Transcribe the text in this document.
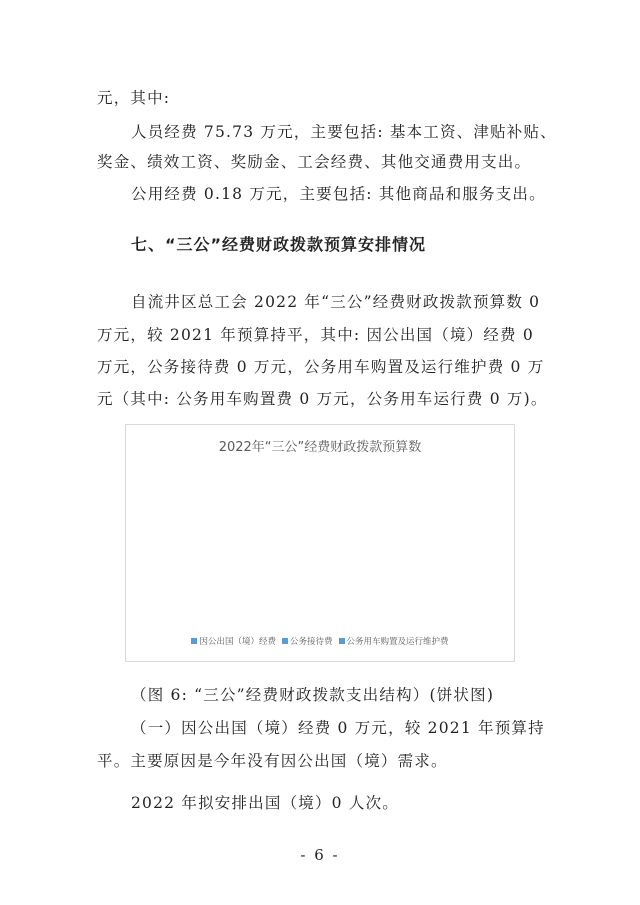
元，其中:
人员经费 75.73 万元，主要包括: 基本工资、津贴补贴、
奖金、绩效工资、奖励金、工会经费、其他交通费用支出。
公用经费 0.18 万元，主要包括: 其他商品和服务支出。
七、“三公”经费财政拨款预算安排情况
自流井区总工会 2022 年“三公”经费财政拨款预算数 0
万元，较 2021 年预算持平，其中: 因公出国（境）经费 0
万元，公务接待费 0 万元，公务用车购置及运行维护费 0 万
元（其中: 公务用车购置费 0 万元，公务用车运行费 0 万)。
2022年“三公”经费财政拨款预算数
因公出国（境）经费 公务接待费 公务用车购置及运行维护费
（图 6: “三公”经费财政拨款支出结构）(饼状图)
（一）因公出国（境）经费 0 万元，较 2021 年预算持
平。主要原因是今年没有因公出国（境）需求。
2022 年拟安排出国（境）0 人次。
- 6 -
